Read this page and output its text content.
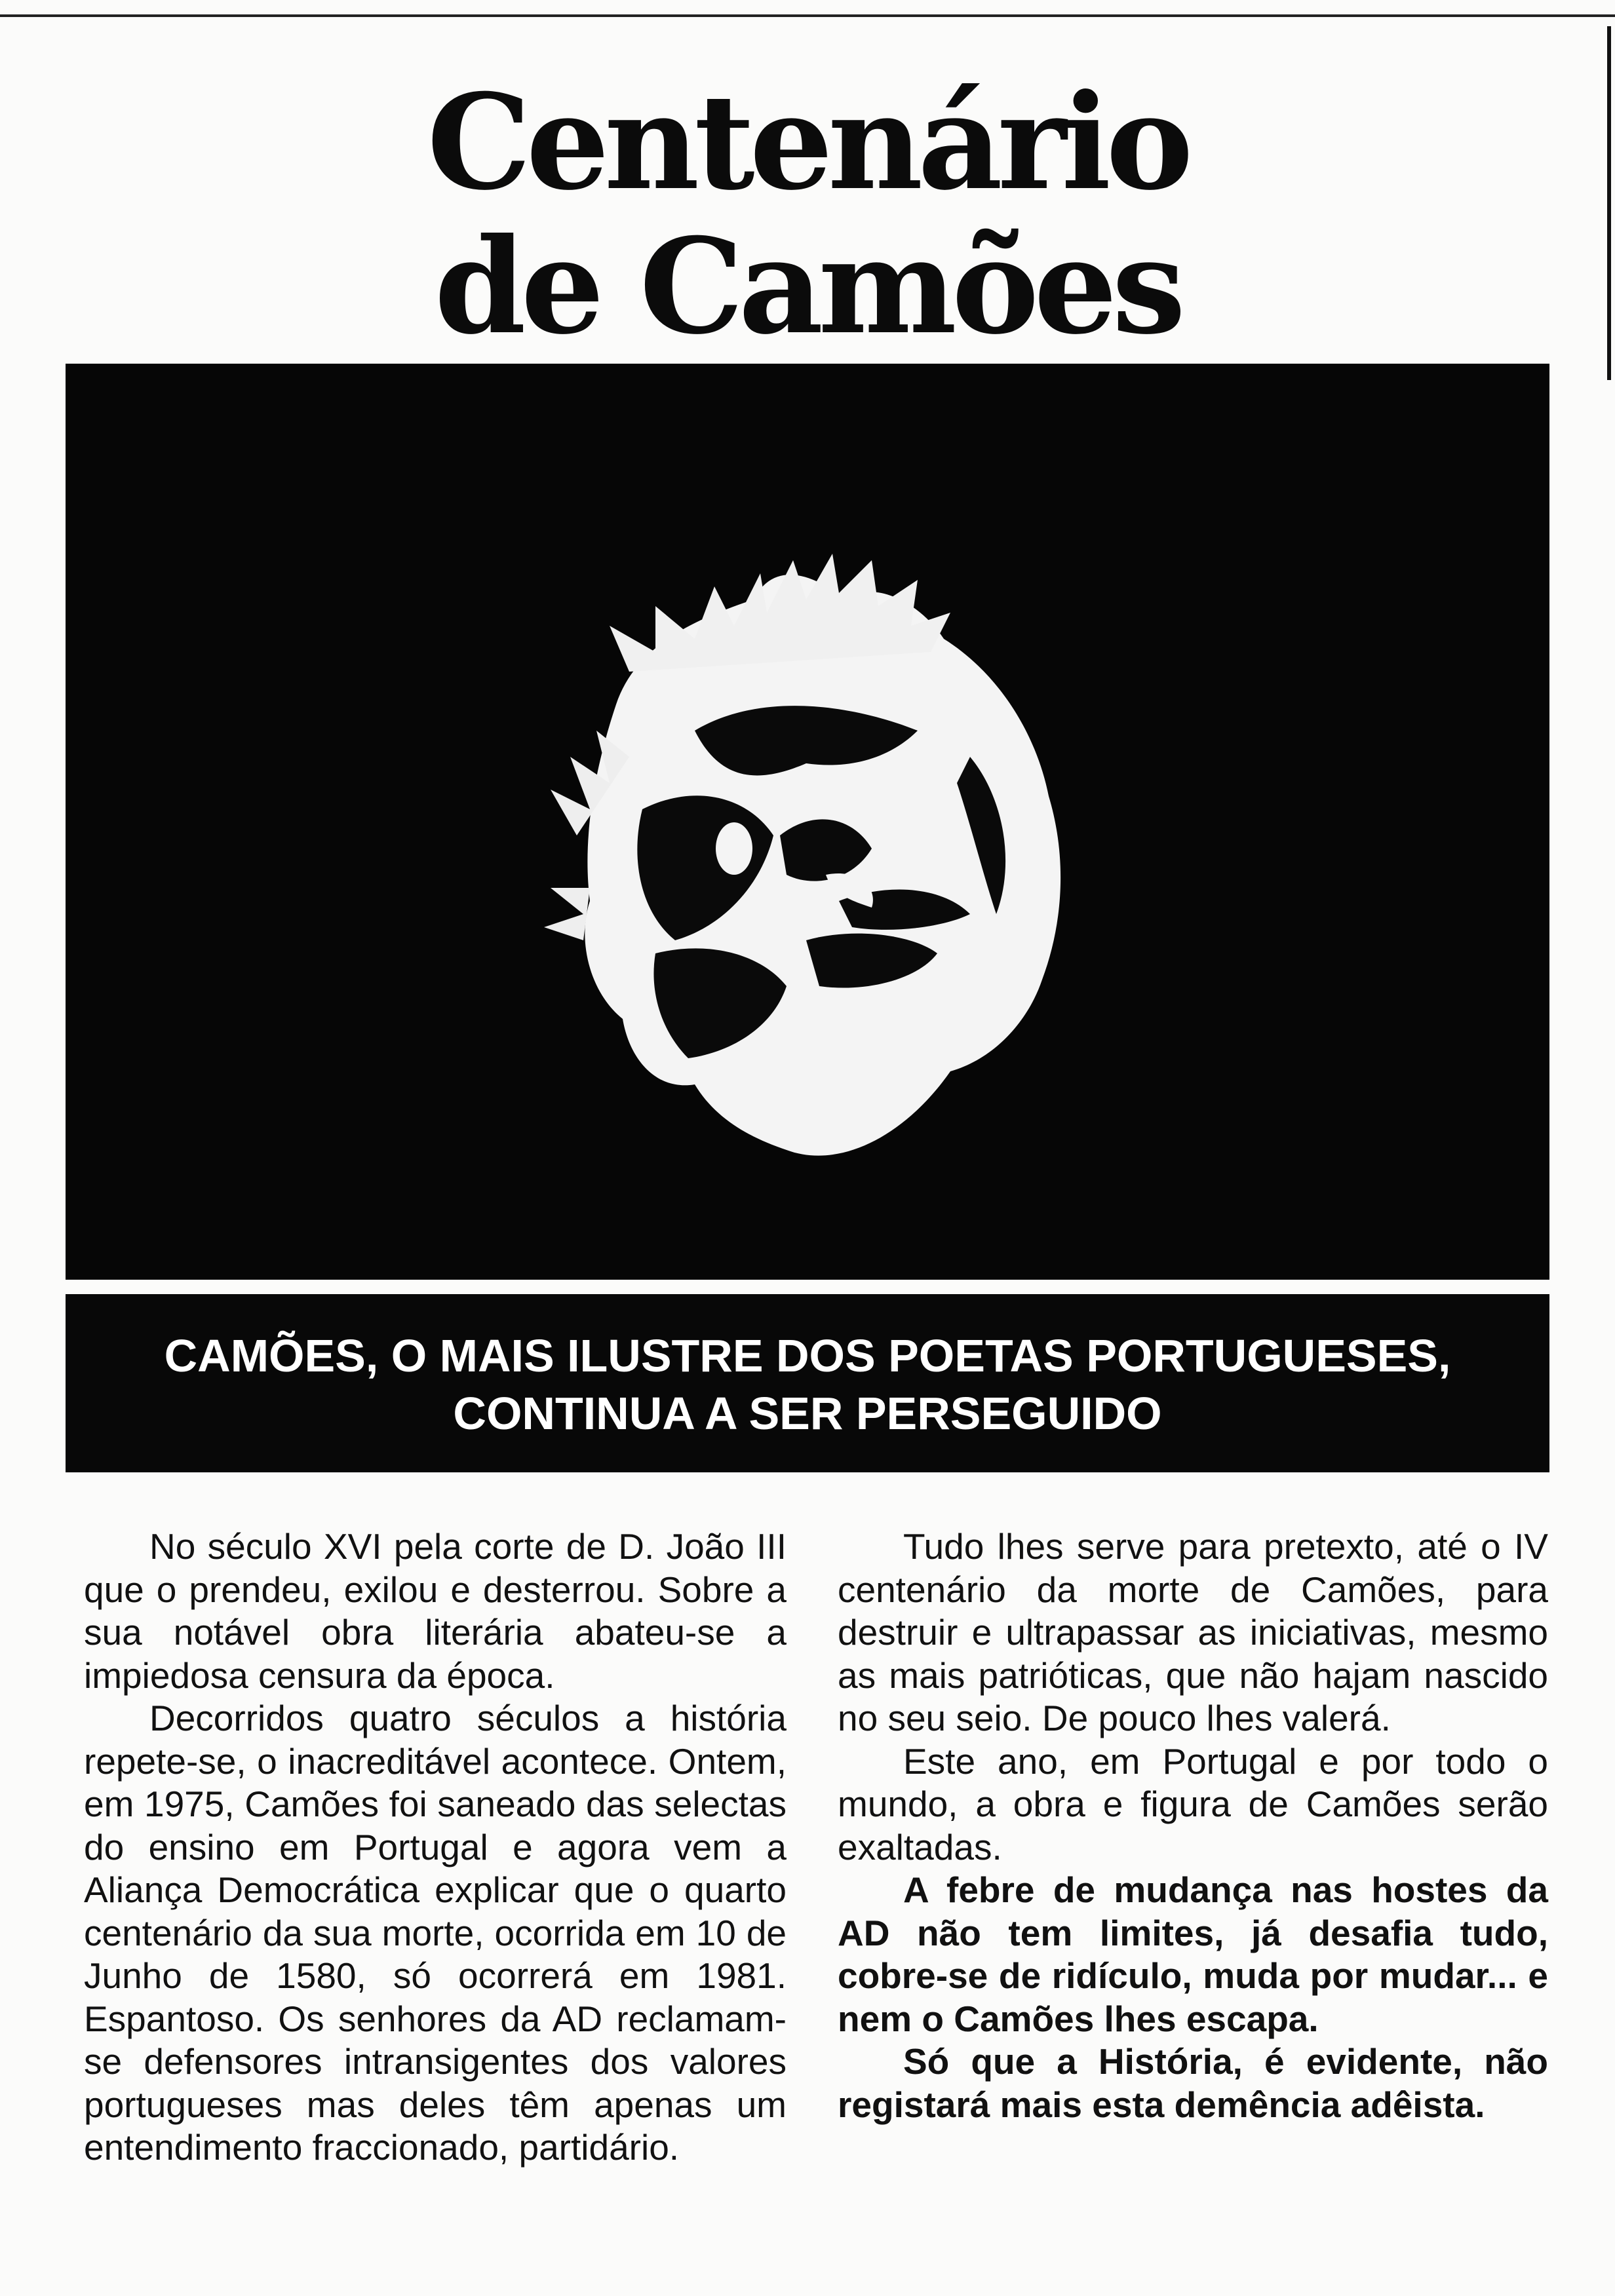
Centenário
de Camões
CAMÕES, O MAIS ILUSTRE DOS POETAS PORTUGUESES,
CONTINUA A SER PERSEGUIDO

No século XVI pela corte de D. João III que o prendeu, exilou e desterrou. Sobre a sua notável obra literária abateu-se a impiedosa censura da época.

Decorridos quatro séculos a história repete-se, o inacreditável acontece. Ontem, em 1975, Camões foi saneado das selectas do ensino em Portugal e agora vem a Aliança Democrática explicar que o quarto centenário da sua morte, ocorrida em 10 de Junho de 1580, só ocorrerá em 1981. Espantoso. Os senhores da AD reclamam-se defensores intransigentes dos valores portugueses mas deles têm apenas um entendimento fraccionado, partidário.

Tudo lhes serve para pretexto, até o IV centenário da morte de Camões, para destruir e ultrapassar as iniciativas, mesmo as mais patrióticas, que não hajam nascido no seu seio. De pouco lhes valerá.

Este ano, em Portugal e por todo o mundo, a obra e figura de Camões serão exaltadas.

A febre de mudança nas hostes da AD não tem limites, já desafia tudo, cobre-se de ridículo, muda por mudar... e nem o Camões lhes escapa.

Só que a História, é evidente, não registará mais esta demência adêista.
